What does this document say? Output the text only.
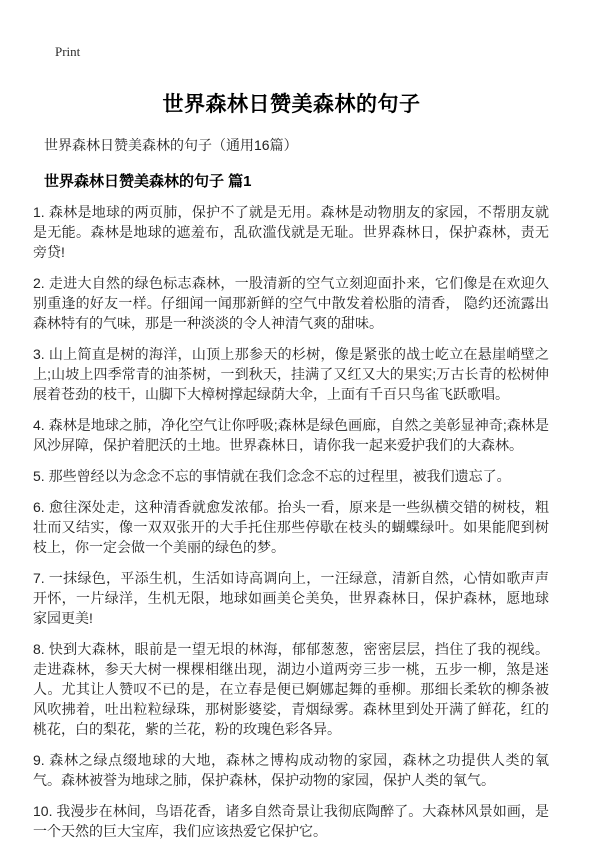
Print
世界森林日赞美森林的句子
世界森林日赞美森林的句子（通用16篇）
世界森林日赞美森林的句子 篇1

1. 森林是地球的两页肺，保护不了就是无用。森林是动物朋友的家园，不帮朋友就是无能。森林是地球的遮羞布，乱砍滥伐就是无耻。世界森林日，保护森林，责无旁贷!

2. 走进大自然的绿色标志森林，一股清新的空气立刻迎面扑来，它们像是在欢迎久别重逢的好友一样。仔细闻一闻那新鲜的空气中散发着松脂的清香， 隐约还流露出森林特有的气味，那是一种淡淡的令人神清气爽的甜味。

3. 山上简直是树的海洋，山顶上那参天的杉树，像是紧张的战士屹立在悬崖峭壁之上;山坡上四季常青的油茶树，一到秋天，挂满了又红又大的果实;万古长青的松树伸展着苍劲的枝干，山脚下大樟树撑起绿荫大伞，上面有千百只鸟雀飞跃歌唱。

4. 森林是地球之肺，净化空气让你呼吸;森林是绿色画廊，自然之美彰显神奇;森林是风沙屏障，保护着肥沃的土地。世界森林日，请你我一起来爱护我们的大森林。

5. 那些曾经以为念念不忘的事情就在我们念念不忘的过程里，被我们遗忘了。

6. 愈往深处走，这种清香就愈发浓郁。抬头一看，原来是一些纵横交错的树枝，粗壮而又结实，像一双双张开的大手托住那些停歇在枝头的蝴蝶绿叶。如果能爬到树枝上，你一定会做一个美丽的绿色的梦。

7. 一抹绿色，平添生机，生活如诗高调向上，一汪绿意，清新自然，心情如歌声声开怀，一片绿洋，生机无限，地球如画美仑美奂，世界森林日，保护森林，愿地球家园更美!

8. 快到大森林，眼前是一望无垠的林海，郁郁葱葱，密密层层，挡住了我的视线。走进森林，参天大树一棵棵相继出现，湖边小道两旁三步一桃，五步一柳，煞是迷人。尤其让人赞叹不已的是，在立春是便已婀娜起舞的垂柳。那细长柔软的柳条被风吹拂着，吐出粒粒绿珠，那树影婆娑，青烟绿雾。森林里到处开满了鲜花，红的桃花，白的梨花，紫的兰花，粉的玫瑰色彩各异。

9. 森林之绿点缀地球的大地，森林之博构成动物的家园，森林之功提供人类的氧气。森林被誉为地球之肺，保护森林，保护动物的家园，保护人类的氧气。

10. 我漫步在林间，鸟语花香，诸多自然奇景让我彻底陶醉了。大森林风景如画，是一个天然的巨大宝库，我们应该热爱它保护它。
